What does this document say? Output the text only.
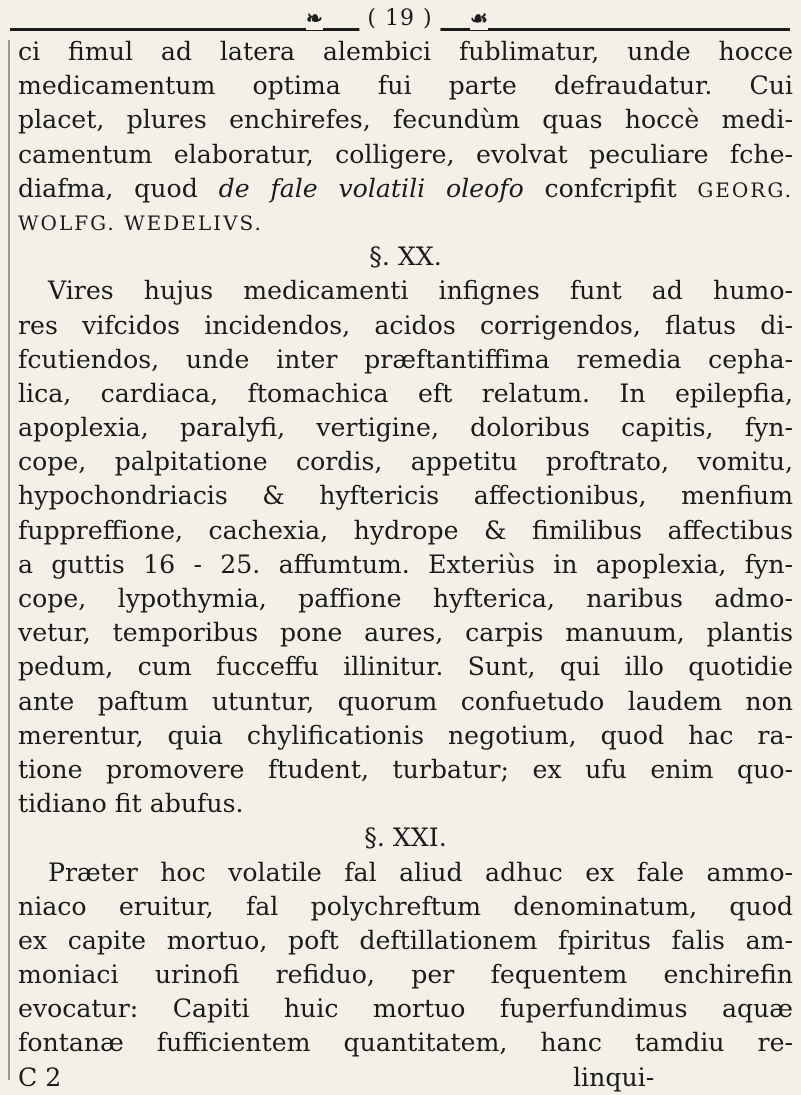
❧	( 19 )	☙
ci fimul ad latera alembici fublimatur, unde hocce
medicamentum optima fui parte defraudatur. Cui
placet, plures enchirefes, fecundùm quas hoccè medi-
camentum elaboratur, colligere, evolvat peculiare fche-
diafma, quod de fale volatili oleofo confcripfit GEORG.
WOLFG. WEDELIVS.
§. XX.
Vires hujus medicamenti infignes funt ad humo-
res vifcidos incidendos, acidos corrigendos, flatus di-
fcutiendos, unde inter præftantiffima remedia cepha-
lica, cardiaca, ftomachica eft relatum. In epilepfia,
apoplexia, paralyfi, vertigine, doloribus capitis, fyn-
cope, palpitatione cordis, appetitu proftrato, vomitu,
hypochondriacis & hyftericis affectionibus, menfium
fuppreffione, cachexia, hydrope & fimilibus affectibus
a guttis 16 - 25. affumtum. Exteriùs in apoplexia, fyn-
cope, lypothymia, paffione hyfterica, naribus admo-
vetur, temporibus pone aures, carpis manuum, plantis
pedum, cum fucceffu illinitur. Sunt, qui illo quotidie
ante paftum utuntur, quorum confuetudo laudem non
merentur, quia chylificationis negotium, quod hac ra-
tione promovere ftudent, turbatur; ex ufu enim quo-
tidiano fit abufus.
§. XXI.
Præter hoc volatile fal aliud adhuc ex fale ammo-
niaco eruitur, fal polychreftum denominatum, quod
ex capite mortuo, poft deftillationem fpiritus falis am-
moniaci urinofi refiduo, per fequentem enchirefin
evocatur: Capiti huic mortuo fuperfundimus aquæ
fontanæ fufficientem quantitatem, hanc tamdiu re-
C 2	linqui-
